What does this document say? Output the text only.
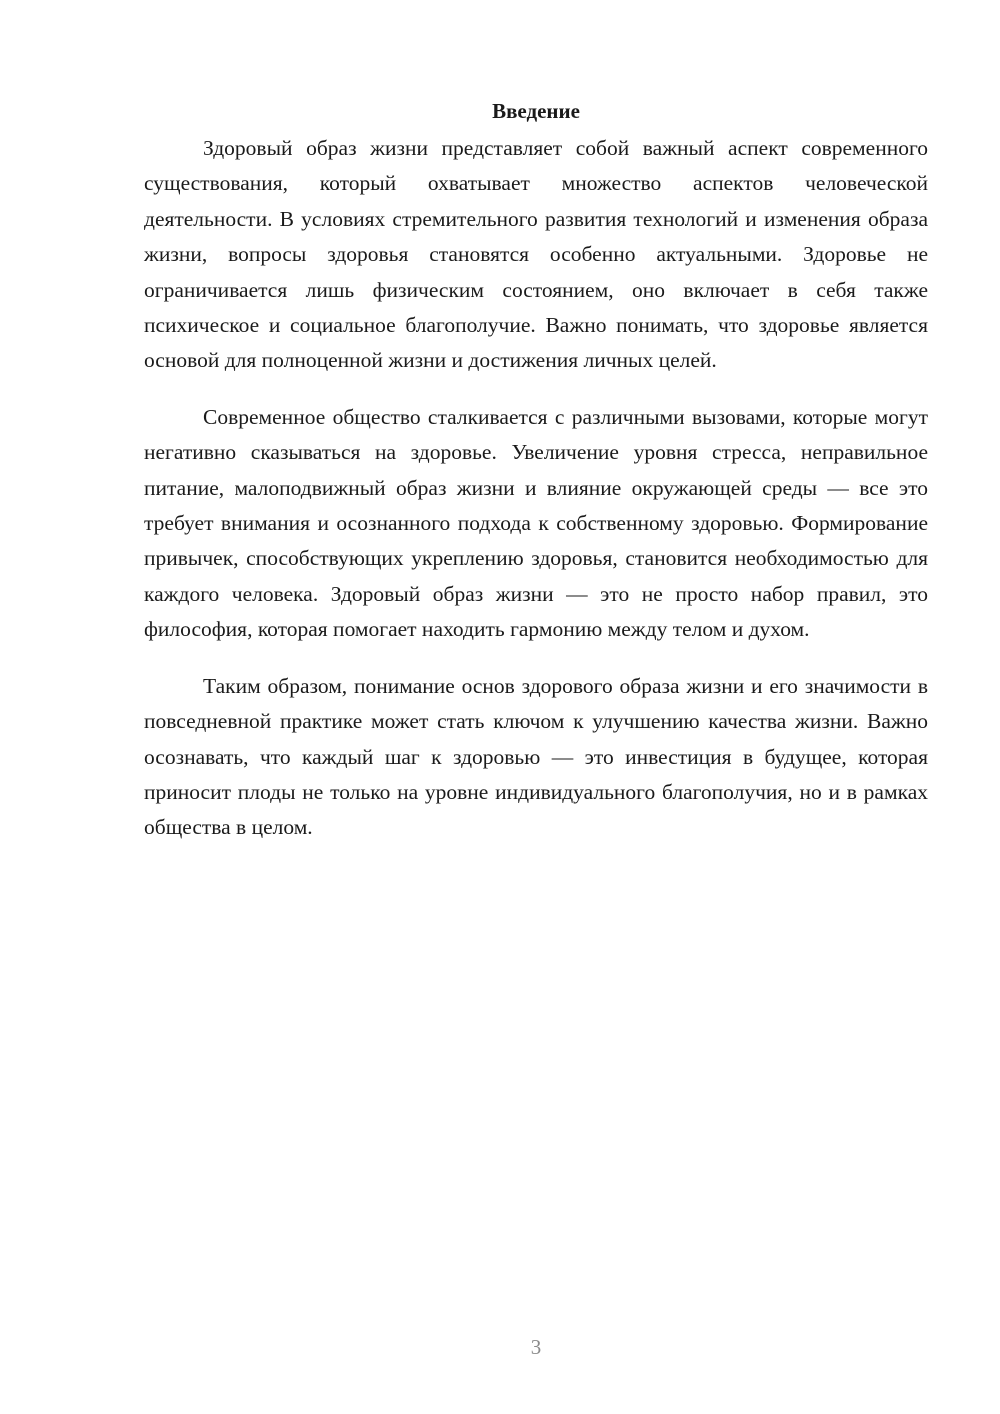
Введение

Здоровый образ жизни представляет собой важный аспект современного существования, который охватывает множество аспектов человеческой деятельности. В условиях стремительного развития технологий и изменения образа жизни, вопросы здоровья становятся особенно актуальными. Здоровье не ограничивается лишь физическим состоянием, оно включает в себя также психическое и социальное благополучие. Важно понимать, что здоровье является основой для полноценной жизни и достижения личных целей.

Современное общество сталкивается с различными вызовами, которые могут негативно сказываться на здоровье. Увеличение уровня стресса, неправильное питание, малоподвижный образ жизни и влияние окружающей среды — все это требует внимания и осознанного подхода к собственному здоровью. Формирование привычек, способствующих укреплению здоровья, становится необходимостью для каждого человека. Здоровый образ жизни — это не просто набор правил, это философия, которая помогает находить гармонию между телом и духом.

Таким образом, понимание основ здорового образа жизни и его значимости в повседневной практике может стать ключом к улучшению качества жизни. Важно осознавать, что каждый шаг к здоровью — это инвестиция в будущее, которая приносит плоды не только на уровне индивидуального благополучия, но и в рамках общества в целом.

3
